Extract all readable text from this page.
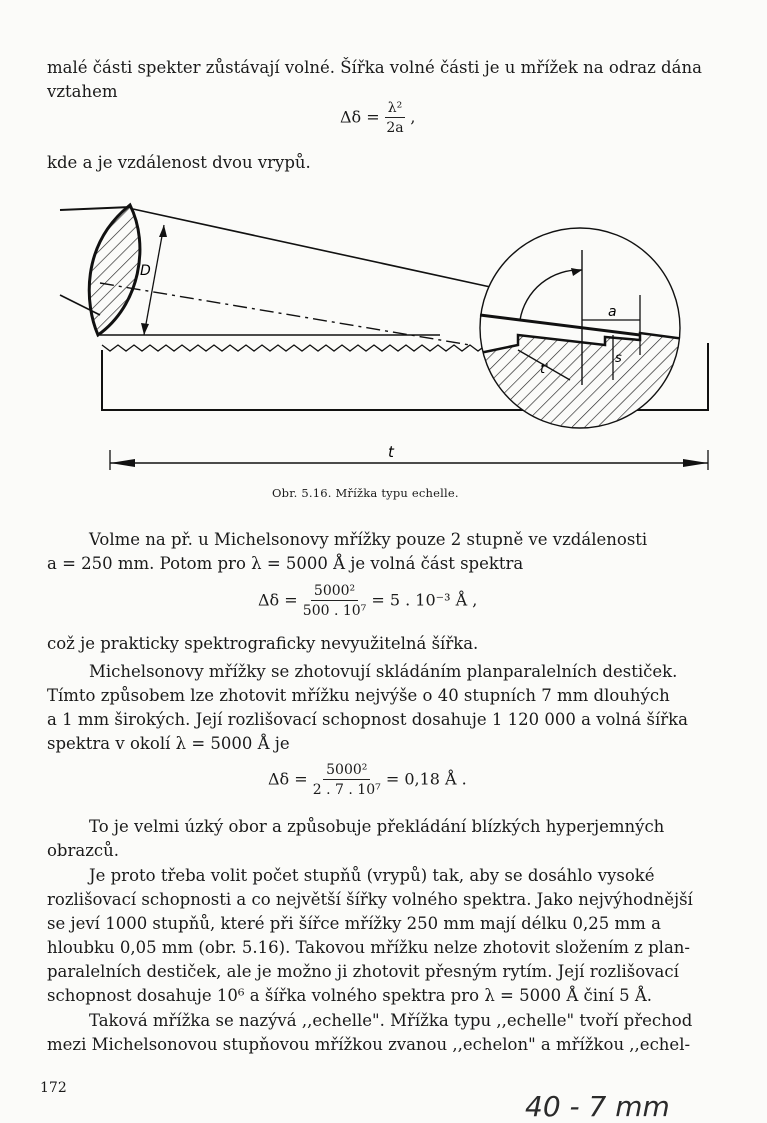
malé části spekter zůstávají volné. Šířka volné části je u mřížek na odraz dána
vztahem
$\Delta\delta = \frac{\text{λ²}}{2a}$ ,
kde a je vzdálenost dvou vrypů.
D
a
s
t'
t
Obr. 5.16. Mřížka typu echelle.
Volme na př. u Michelsonovy mřížky pouze 2 stupně ve vzdálenosti
a = 250 mm. Potom pro λ = 5000 Å je volná část spektra
$\Delta\delta = \frac{\text{5000²}}{\text{500 . 10⁷}} = 5$ . 10⁻³ Å ,
což je prakticky spektrograficky nevyužitelná šířka.
Michelsonovy mřížky se zhotovují skládáním planparalelních destiček.
Tímto způsobem lze zhotovit mřížku nejvýše o 40 stupních 7 mm dlouhých
a 1 mm širokých. Její rozlišovací schopnost dosahuje 1 120 000 a volná šířka
spektra v okolí λ = 5000 Å je
$\Delta\delta = \frac{\text{5000²}}{\text{2 . 7 . 10⁷}} = 0,18$ Å .
To je velmi úzký obor a způsobuje překládání blízkých hyperjemných
obrazců.
Je proto třeba volit počet stupňů (vrypů) tak, aby se dosáhlo vysoké
rozlišovací schopnosti a co největší šířky volného spektra. Jako nejvýhodnější
se jeví 1000 stupňů, které při šířce mřížky 250 mm mají délku 0,25 mm a
hloubku 0,05 mm (obr. 5.16). Takovou mřížku nelze zhotovit složením z plan-
paralelních destiček, ale je možno ji zhotovit přesným rytím. Její rozlišovací
schopnost dosahuje 10⁶ a šířka volného spektra pro λ = 5000 Å činí 5 Å.
Taková mřížka se nazývá ,,echelle". Mřížka typu ,,echelle" tvoří přechod
mezi Michelsonovou stupňovou mřížkou zvanou ,,echelon" a mřížkou ,,echel-
172
40 - 7 mm
